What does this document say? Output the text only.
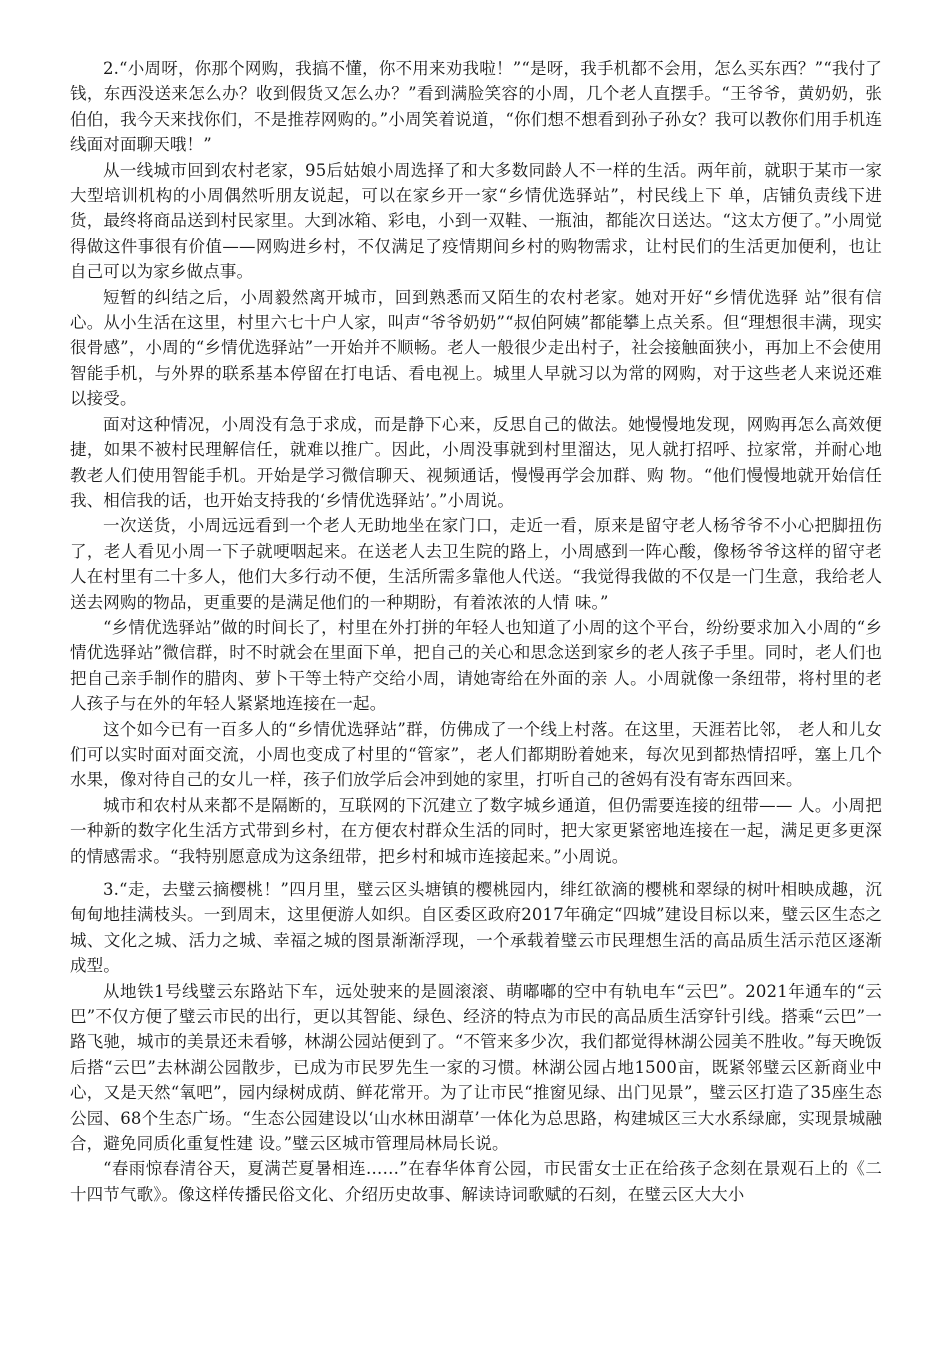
2.“小周呀，你那个网购，我搞不懂，你不用来劝我啦！”“是呀，我手机都不会用，怎么买东西？”“我付了钱，东西没送来怎么办？收到假货又怎么办？”看到满脸笑容的小周，几个老人直摆手。“王爷爷，黄奶奶，张伯伯，我今天来找你们，不是推荐网购的。”小周笑着说道，“你们想不想看到孙子孙女？我可以教你们用手机连线面对面聊天哦！”

从一线城市回到农村老家，95后姑娘小周选择了和大多数同龄人不一样的生活。两年前，就职于某市一家大型培训机构的小周偶然听朋友说起，可以在家乡开一家“乡情优选驿站”，村民线上下 单，店铺负责线下进货，最终将商品送到村民家里。大到冰箱、彩电，小到一双鞋、一瓶油，都能次日送达。“这太方便了。”小周觉得做这件事很有价值——网购进乡村，不仅满足了疫情期间乡村的购物需求，让村民们的生活更加便利，也让自己可以为家乡做点事。

短暂的纠结之后，小周毅然离开城市，回到熟悉而又陌生的农村老家。她对开好“乡情优选驿 站”很有信心。从小生活在这里，村里六七十户人家，叫声“爷爷奶奶”“叔伯阿姨”都能攀上点关系。但“理想很丰满，现实很骨感”，小周的“乡情优选驿站”一开始并不顺畅。老人一般很少走出村子，社会接触面狭小，再加上不会使用智能手机，与外界的联系基本停留在打电话、看电视上。城里人早就习以为常的网购，对于这些老人来说还难以接受。

面对这种情况，小周没有急于求成，而是静下心来，反思自己的做法。她慢慢地发现，网购再怎么高效便捷，如果不被村民理解信任，就难以推广。因此，小周没事就到村里溜达，见人就打招呼、拉家常，并耐心地教老人们使用智能手机。开始是学习微信聊天、视频通话，慢慢再学会加群、购 物。“他们慢慢地就开始信任我、相信我的话，也开始支持我的‘乡情优选驿站’。”小周说。

一次送货，小周远远看到一个老人无助地坐在家门口，走近一看，原来是留守老人杨爷爷不小心把脚扭伤了，老人看见小周一下子就哽咽起来。在送老人去卫生院的路上，小周感到一阵心酸，像杨爷爷这样的留守老人在村里有二十多人，他们大多行动不便，生活所需多靠他人代送。“我觉得我做的不仅是一门生意，我给老人送去网购的物品，更重要的是满足他们的一种期盼，有着浓浓的人情 味。”

“乡情优选驿站”做的时间长了，村里在外打拼的年轻人也知道了小周的这个平台，纷纷要求加入小周的“乡情优选驿站”微信群，时不时就会在里面下单，把自己的关心和思念送到家乡的老人孩子手里。同时，老人们也把自己亲手制作的腊肉、萝卜干等土特产交给小周，请她寄给在外面的亲 人。小周就像一条纽带，将村里的老人孩子与在外的年轻人紧紧地连接在一起。

这个如今已有一百多人的“乡情优选驿站”群，仿佛成了一个线上村落。在这里，天涯若比邻， 老人和儿女们可以实时面对面交流，小周也变成了村里的“管家”，老人们都期盼着她来，每次见到都热情招呼，塞上几个水果，像对待自己的女儿一样，孩子们放学后会冲到她的家里，打听自己的爸妈有没有寄东西回来。

城市和农村从来都不是隔断的，互联网的下沉建立了数字城乡通道，但仍需要连接的纽带—— 人。小周把一种新的数字化生活方式带到乡村，在方便农村群众生活的同时，把大家更紧密地连接在一起，满足更多更深的情感需求。“我特别愿意成为这条纽带，把乡村和城市连接起来。”小周说。

3.“走，去璧云摘樱桃！”四月里，璧云区头塘镇的樱桃园内，绯红欲滴的樱桃和翠绿的树叶相映成趣，沉甸甸地挂满枝头。一到周末，这里便游人如织。自区委区政府2017年确定“四城”建设目标以来，璧云区生态之城、文化之城、活力之城、幸福之城的图景渐渐浮现，一个承载着璧云市民理想生活的高品质生活示范区逐渐成型。

从地铁1号线璧云东路站下车，远处驶来的是圆滚滚、萌嘟嘟的空中有轨电车“云巴”。2021年通车的“云巴”不仅方便了璧云市民的出行，更以其智能、绿色、经济的特点为市民的高品质生活穿针引线。搭乘“云巴”一路飞驰，城市的美景还未看够，林湖公园站便到了。“不管来多少次，我们都觉得林湖公园美不胜收。”每天晚饭后搭“云巴”去林湖公园散步，已成为市民罗先生一家的习惯。林湖公园占地1500亩，既紧邻璧云区新商业中心，又是天然“氧吧”，园内绿树成荫、鲜花常开。为了让市民“推窗见绿、出门见景”，璧云区打造了35座生态公园、68个生态广场。“生态公园建设以‘山水林田湖草’一体化为总思路，构建城区三大水系绿廊，实现景城融合，避免同质化重复性建 设。”璧云区城市管理局林局长说。

“春雨惊春清谷天，夏满芒夏暑相连……”在春华体育公园，市民雷女士正在给孩子念刻在景观石上的《二十四节气歌》。像这样传播民俗文化、介绍历史故事、解读诗词歌赋的石刻，在璧云区大大小
